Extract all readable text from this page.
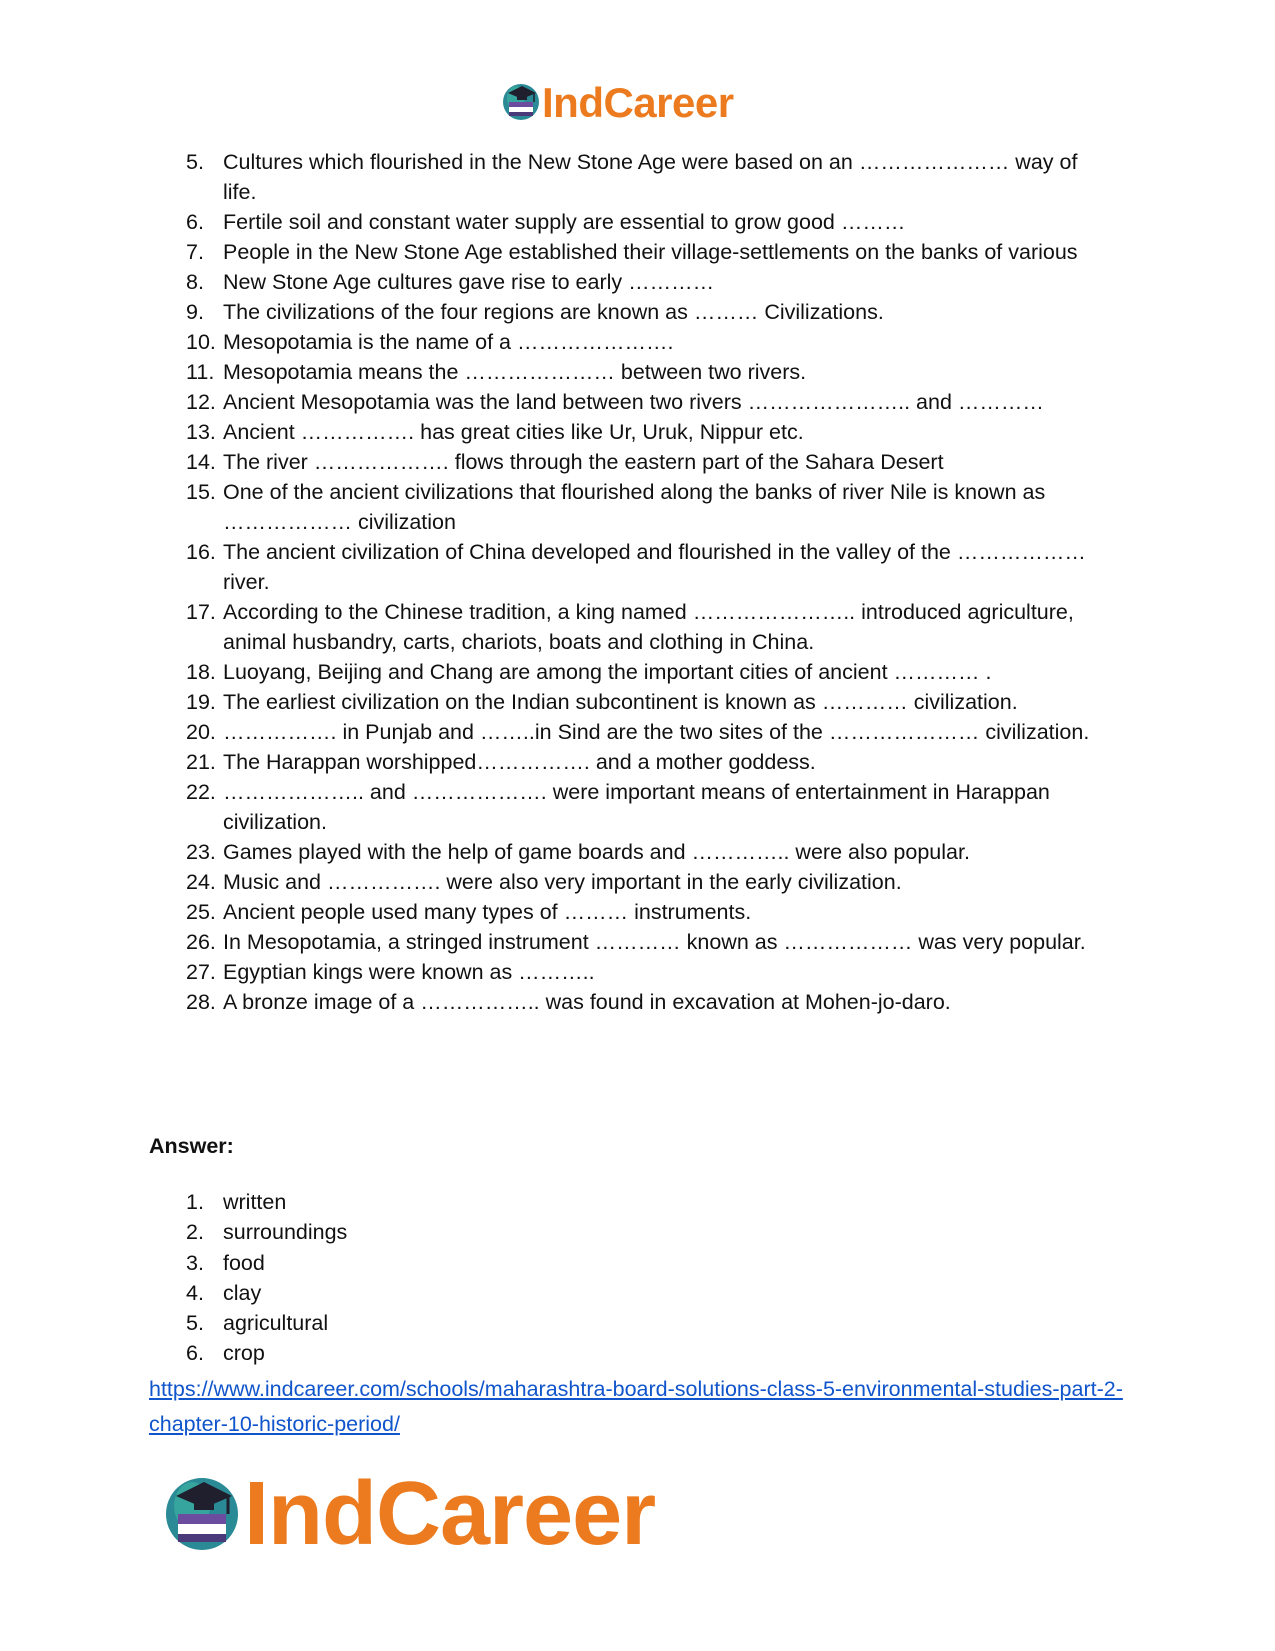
IndCareer
5. Cultures which flourished in the New Stone Age were based on an ………………… way of life.
6. Fertile soil and constant water supply are essential to grow good ………
7. People in the New Stone Age established their village-settlements on the banks of various
8. New Stone Age cultures gave rise to early …………
9. The civilizations of the four regions are known as ……… Civilizations.
10. Mesopotamia is the name of a ………………….
11. Mesopotamia means the ………………… between two rivers.
12. Ancient Mesopotamia was the land between two rivers ………………….. and …………
13. Ancient ……………. has great cities like Ur, Uruk, Nippur etc.
14. The river ………………. flows through the eastern part of the Sahara Desert
15. One of the ancient civilizations that flourished along the banks of river Nile is known as ……………… civilization
16. The ancient civilization of China developed and flourished in the valley of the ……………… river.
17. According to the Chinese tradition, a king named ………………….. introduced agriculture, animal husbandry, carts, chariots, boats and clothing in China.
18. Luoyang, Beijing and Chang are among the important cities of ancient ………… .
19. The earliest civilization on the Indian subcontinent is known as ………… civilization.
20. ……………. in Punjab and ……..in Sind are the two sites of the ………………… civilization.
21. The Harappan worshipped……………. and a mother goddess.
22. ……………….. and ………………. were important means of entertainment in Harappan civilization.
23. Games played with the help of game boards and ………….. were also popular.
24. Music and ……………. were also very important in the early civilization.
25. Ancient people used many types of ……… instruments.
26. In Mesopotamia, a stringed instrument ………… known as ……………… was very popular.
27. Egyptian kings were known as ………..
28. A bronze image of a …………….. was found in excavation at Mohen-jo-daro.

Answer:

1. written
2. surroundings
3. food
4. clay
5. agricultural
6. crop
https://www.indcareer.com/schools/maharashtra-board-solutions-class-5-environmental-studies-part-2-chapter-10-historic-period/
IndCareer
